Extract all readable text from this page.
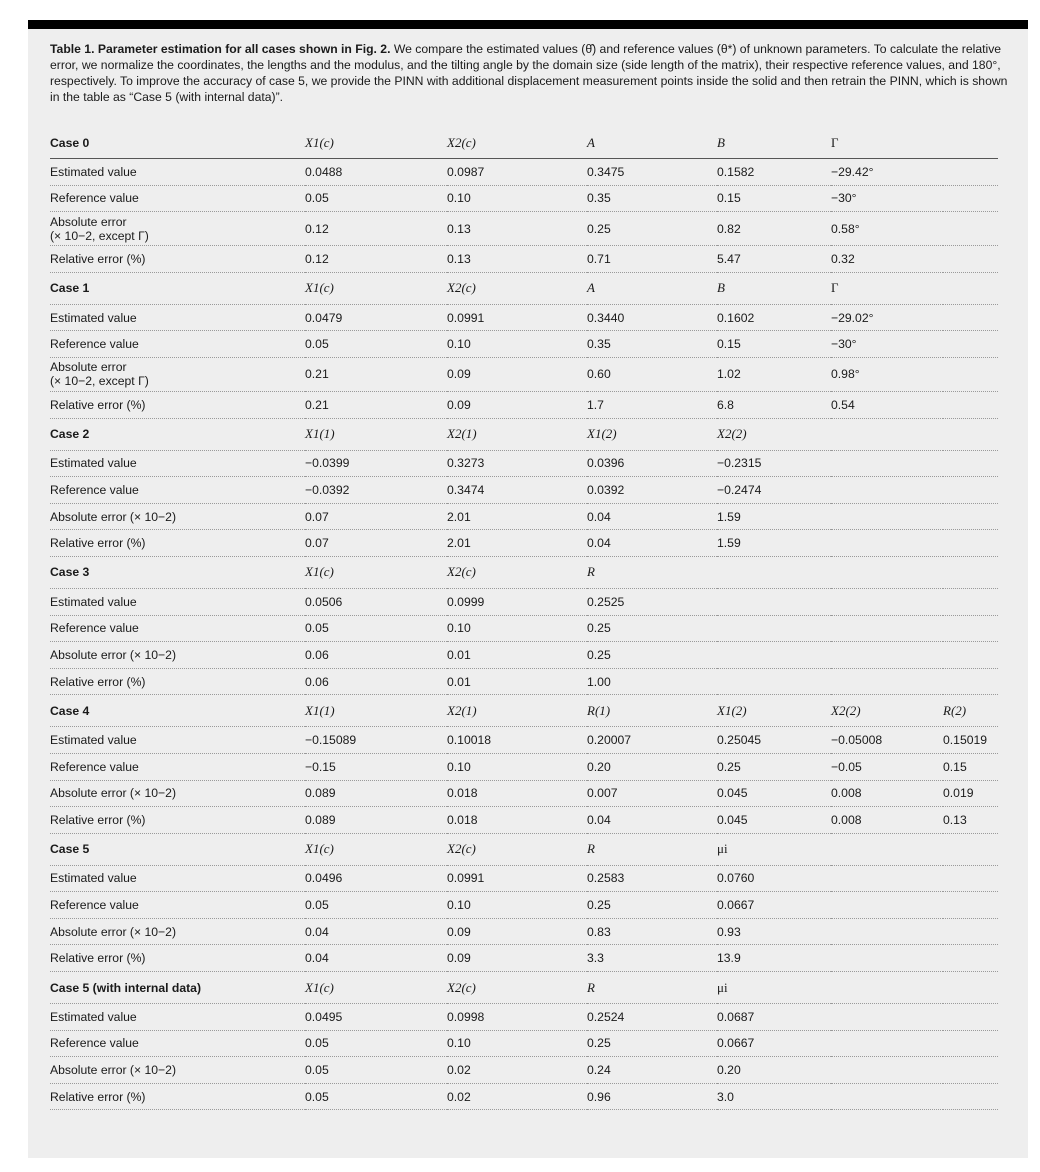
Table 1. Parameter estimation for all cases shown in Fig. 2. We compare the estimated values (θ̂) and reference values (θ*) of unknown parameters. To calculate the relative error, we normalize the coordinates, the lengths and the modulus, and the tilting angle by the domain size (side length of the matrix), their respective reference values, and 180°, respectively. To improve the accuracy of case 5, we provide the PINN with additional displacement measurement points inside the solid and then retrain the PINN, which is shown in the table as “Case 5 (with internal data)”.
Case 0	X1(c)	X2(c)	A	B	Γ	
Estimated value	0.0488	0.0987	0.3475	0.1582	−29.42°	
Reference value	0.05	0.10	0.35	0.15	−30°	
Absolute error
(× 10−2, except Γ)	0.12	0.13	0.25	0.82	0.58°	
Relative error (%)	0.12	0.13	0.71	5.47	0.32	
Case 1	X1(c)	X2(c)	A	B	Γ	
Estimated value	0.0479	0.0991	0.3440	0.1602	−29.02°	
Reference value	0.05	0.10	0.35	0.15	−30°	
Absolute error
(× 10−2, except Γ)	0.21	0.09	0.60	1.02	0.98°	
Relative error (%)	0.21	0.09	1.7	6.8	0.54	
Case 2	X1(1)	X2(1)	X1(2)	X2(2)		
Estimated value	−0.0399	0.3273	0.0396	−0.2315		
Reference value	−0.0392	0.3474	0.0392	−0.2474		
Absolute error (× 10−2)	0.07	2.01	0.04	1.59		
Relative error (%)	0.07	2.01	0.04	1.59		
Case 3	X1(c)	X2(c)	R			
Estimated value	0.0506	0.0999	0.2525			
Reference value	0.05	0.10	0.25			
Absolute error (× 10−2)	0.06	0.01	0.25			
Relative error (%)	0.06	0.01	1.00			
Case 4	X1(1)	X2(1)	R(1)	X1(2)	X2(2)	R(2)
Estimated value	−0.15089	0.10018	0.20007	0.25045	−0.05008	0.15019
Reference value	−0.15	0.10	0.20	0.25	−0.05	0.15
Absolute error (× 10−2)	0.089	0.018	0.007	0.045	0.008	0.019
Relative error (%)	0.089	0.018	0.04	0.045	0.008	0.13
Case 5	X1(c)	X2(c)	R	μi		
Estimated value	0.0496	0.0991	0.2583	0.0760		
Reference value	0.05	0.10	0.25	0.0667		
Absolute error (× 10−2)	0.04	0.09	0.83	0.93		
Relative error (%)	0.04	0.09	3.3	13.9		
Case 5 (with internal data)	X1(c)	X2(c)	R	μi		
Estimated value	0.0495	0.0998	0.2524	0.0687		
Reference value	0.05	0.10	0.25	0.0667		
Absolute error (× 10−2)	0.05	0.02	0.24	0.20		
Relative error (%)	0.05	0.02	0.96	3.0		
